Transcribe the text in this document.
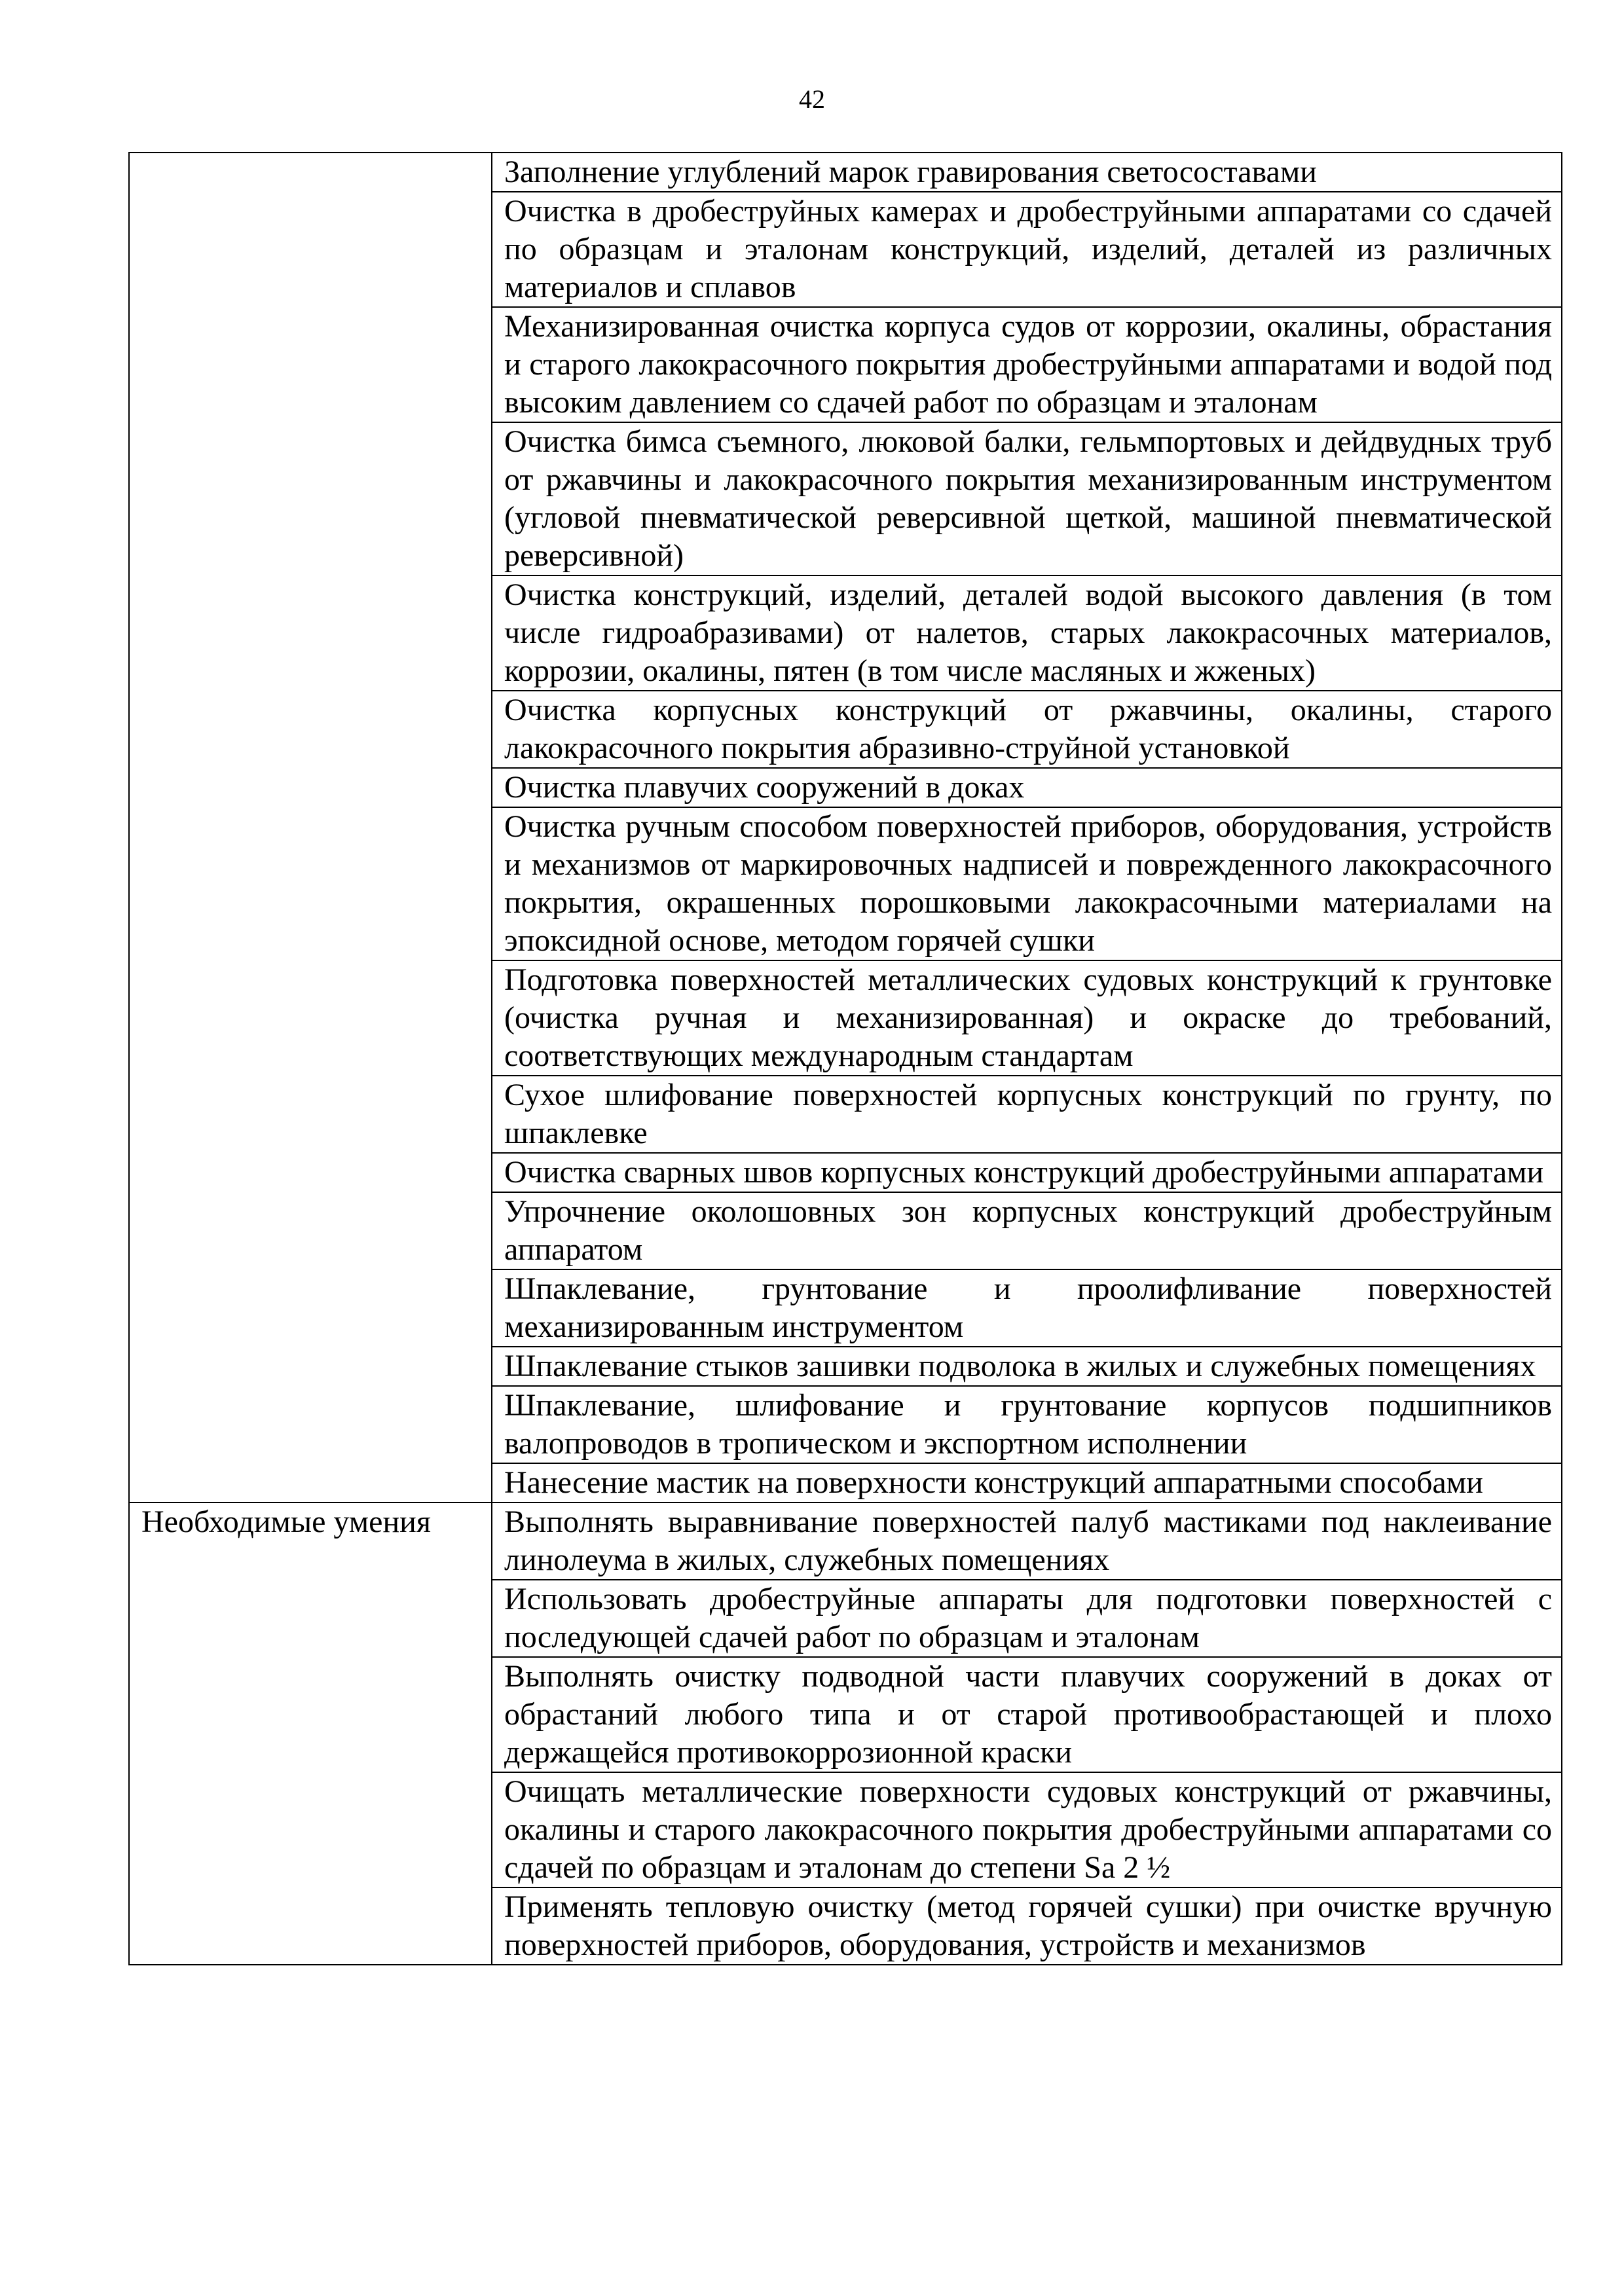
42
	Заполнение углублений марок гравирования светосоставами
	Очистка в дробеструйных камерах и дробеструйными аппаратами со сдачей по образцам и эталонам конструкций, изделий, деталей из различных материалов и сплавов
	Механизированная очистка корпуса судов от коррозии, окалины, обрастания и старого лакокрасочного покрытия дробеструйными аппаратами и водой под высоким давлением со сдачей работ по образцам и эталонам
	Очистка бимса съемного, люковой балки, гельмпортовых и дейдвудных труб от ржавчины и лакокрасочного покрытия механизированным инструментом (угловой пневматической реверсивной щеткой, машиной пневматической реверсивной)
	Очистка конструкций, изделий, деталей водой высокого давления (в том числе гидроабразивами) от налетов, старых лакокрасочных материалов, коррозии, окалины, пятен (в том числе масляных и жженых)
	Очистка корпусных конструкций от ржавчины, окалины, старого лакокрасочного покрытия абразивно-струйной установкой
	Очистка плавучих сооружений в доках
	Очистка ручным способом поверхностей приборов, оборудования, устройств и механизмов от маркировочных надписей и поврежденного лакокрасочного покрытия, окрашенных порошковыми лакокрасочными материалами на эпоксидной основе, методом горячей сушки
	Подготовка поверхностей металлических судовых конструкций к грунтовке (очистка ручная и механизированная) и окраске до требований, соответствующих международным стандартам
	Сухое шлифование поверхностей корпусных конструкций по грунту, по шпаклевке
	Очистка сварных швов корпусных конструкций дробеструйными аппаратами
	Упрочнение околошовных зон корпусных конструкций дробеструйным аппаратом
	Шпаклевание, грунтование и проолифливание поверхностей механизированным инструментом
	Шпаклевание стыков зашивки подволока в жилых и служебных помещениях
	Шпаклевание, шлифование и грунтование корпусов подшипников валопроводов в тропическом и экспортном исполнении
	Нанесение мастик на поверхности конструкций аппаратными способами
Необходимые умения	Выполнять выравнивание поверхностей палуб мастиками под наклеивание линолеума в жилых, служебных помещениях
	Использовать дробеструйные аппараты для подготовки поверхностей с последующей сдачей работ по образцам и эталонам
	Выполнять очистку подводной части плавучих сооружений в доках от обрастаний любого типа и от старой противообрастающей и плохо держащейся противокоррозионной краски
	Очищать металлические поверхности судовых конструкций от ржавчины, окалины и старого лакокрасочного покрытия дробеструйными аппаратами со сдачей по образцам и эталонам до степени Sa 2 ½
	Применять тепловую очистку (метод горячей сушки) при очистке вручную поверхностей приборов, оборудования, устройств и механизмов
